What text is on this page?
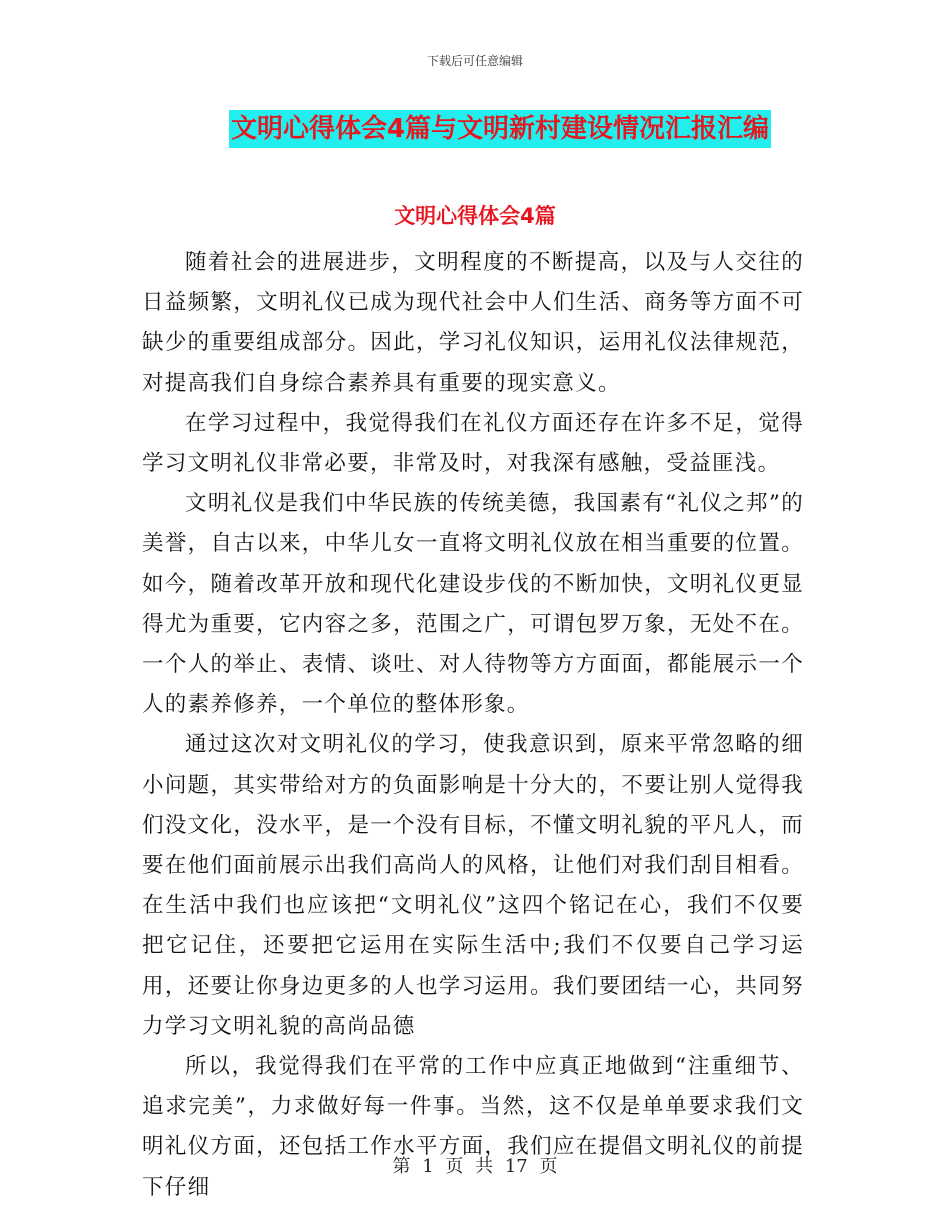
下载后可任意编辑
文明心得体会4篇与文明新村建设情况汇报汇编
文明心得体会4篇

随着社会的进展进步，文明程度的不断提高，以及与人交往的日益频繁，文明礼仪已成为现代社会中人们生活、商务等方面不可缺少的重要组成部分。因此，学习礼仪知识，运用礼仪法律规范，对提高我们自身综合素养具有重要的现实意义。

在学习过程中，我觉得我们在礼仪方面还存在许多不足，觉得学习文明礼仪非常必要，非常及时，对我深有感触，受益匪浅。

文明礼仪是我们中华民族的传统美德，我国素有“礼仪之邦”的美誉，自古以来，中华儿女一直将文明礼仪放在相当重要的位置。如今，随着改革开放和现代化建设步伐的不断加快，文明礼仪更显得尤为重要，它内容之多，范围之广，可谓包罗万象，无处不在。一个人的举止、表情、谈吐、对人待物等方方面面，都能展示一个人的素养修养，一个单位的整体形象。

通过这次对文明礼仪的学习，使我意识到，原来平常忽略的细小问题，其实带给对方的负面影响是十分大的，不要让别人觉得我们没文化，没水平，是一个没有目标，不懂文明礼貌的平凡人，而要在他们面前展示出我们高尚人的风格，让他们对我们刮目相看。在生活中我们也应该把“文明礼仪”这四个铭记在心，我们不仅要把它记住，还要把它运用在实际生活中;我们不仅要自己学习运用，还要让你身边更多的人也学习运用。我们要团结一心，共同努力学习文明礼貌的高尚品德

所以，我觉得我们在平常的工作中应真正地做到“注重细节、追求完美”，力求做好每一件事。当然，这不仅是单单要求我们文明礼仪方面，还包括工作水平方面，我们应在提倡文明礼仪的前提下仔细

第 1 页 共 17 页
